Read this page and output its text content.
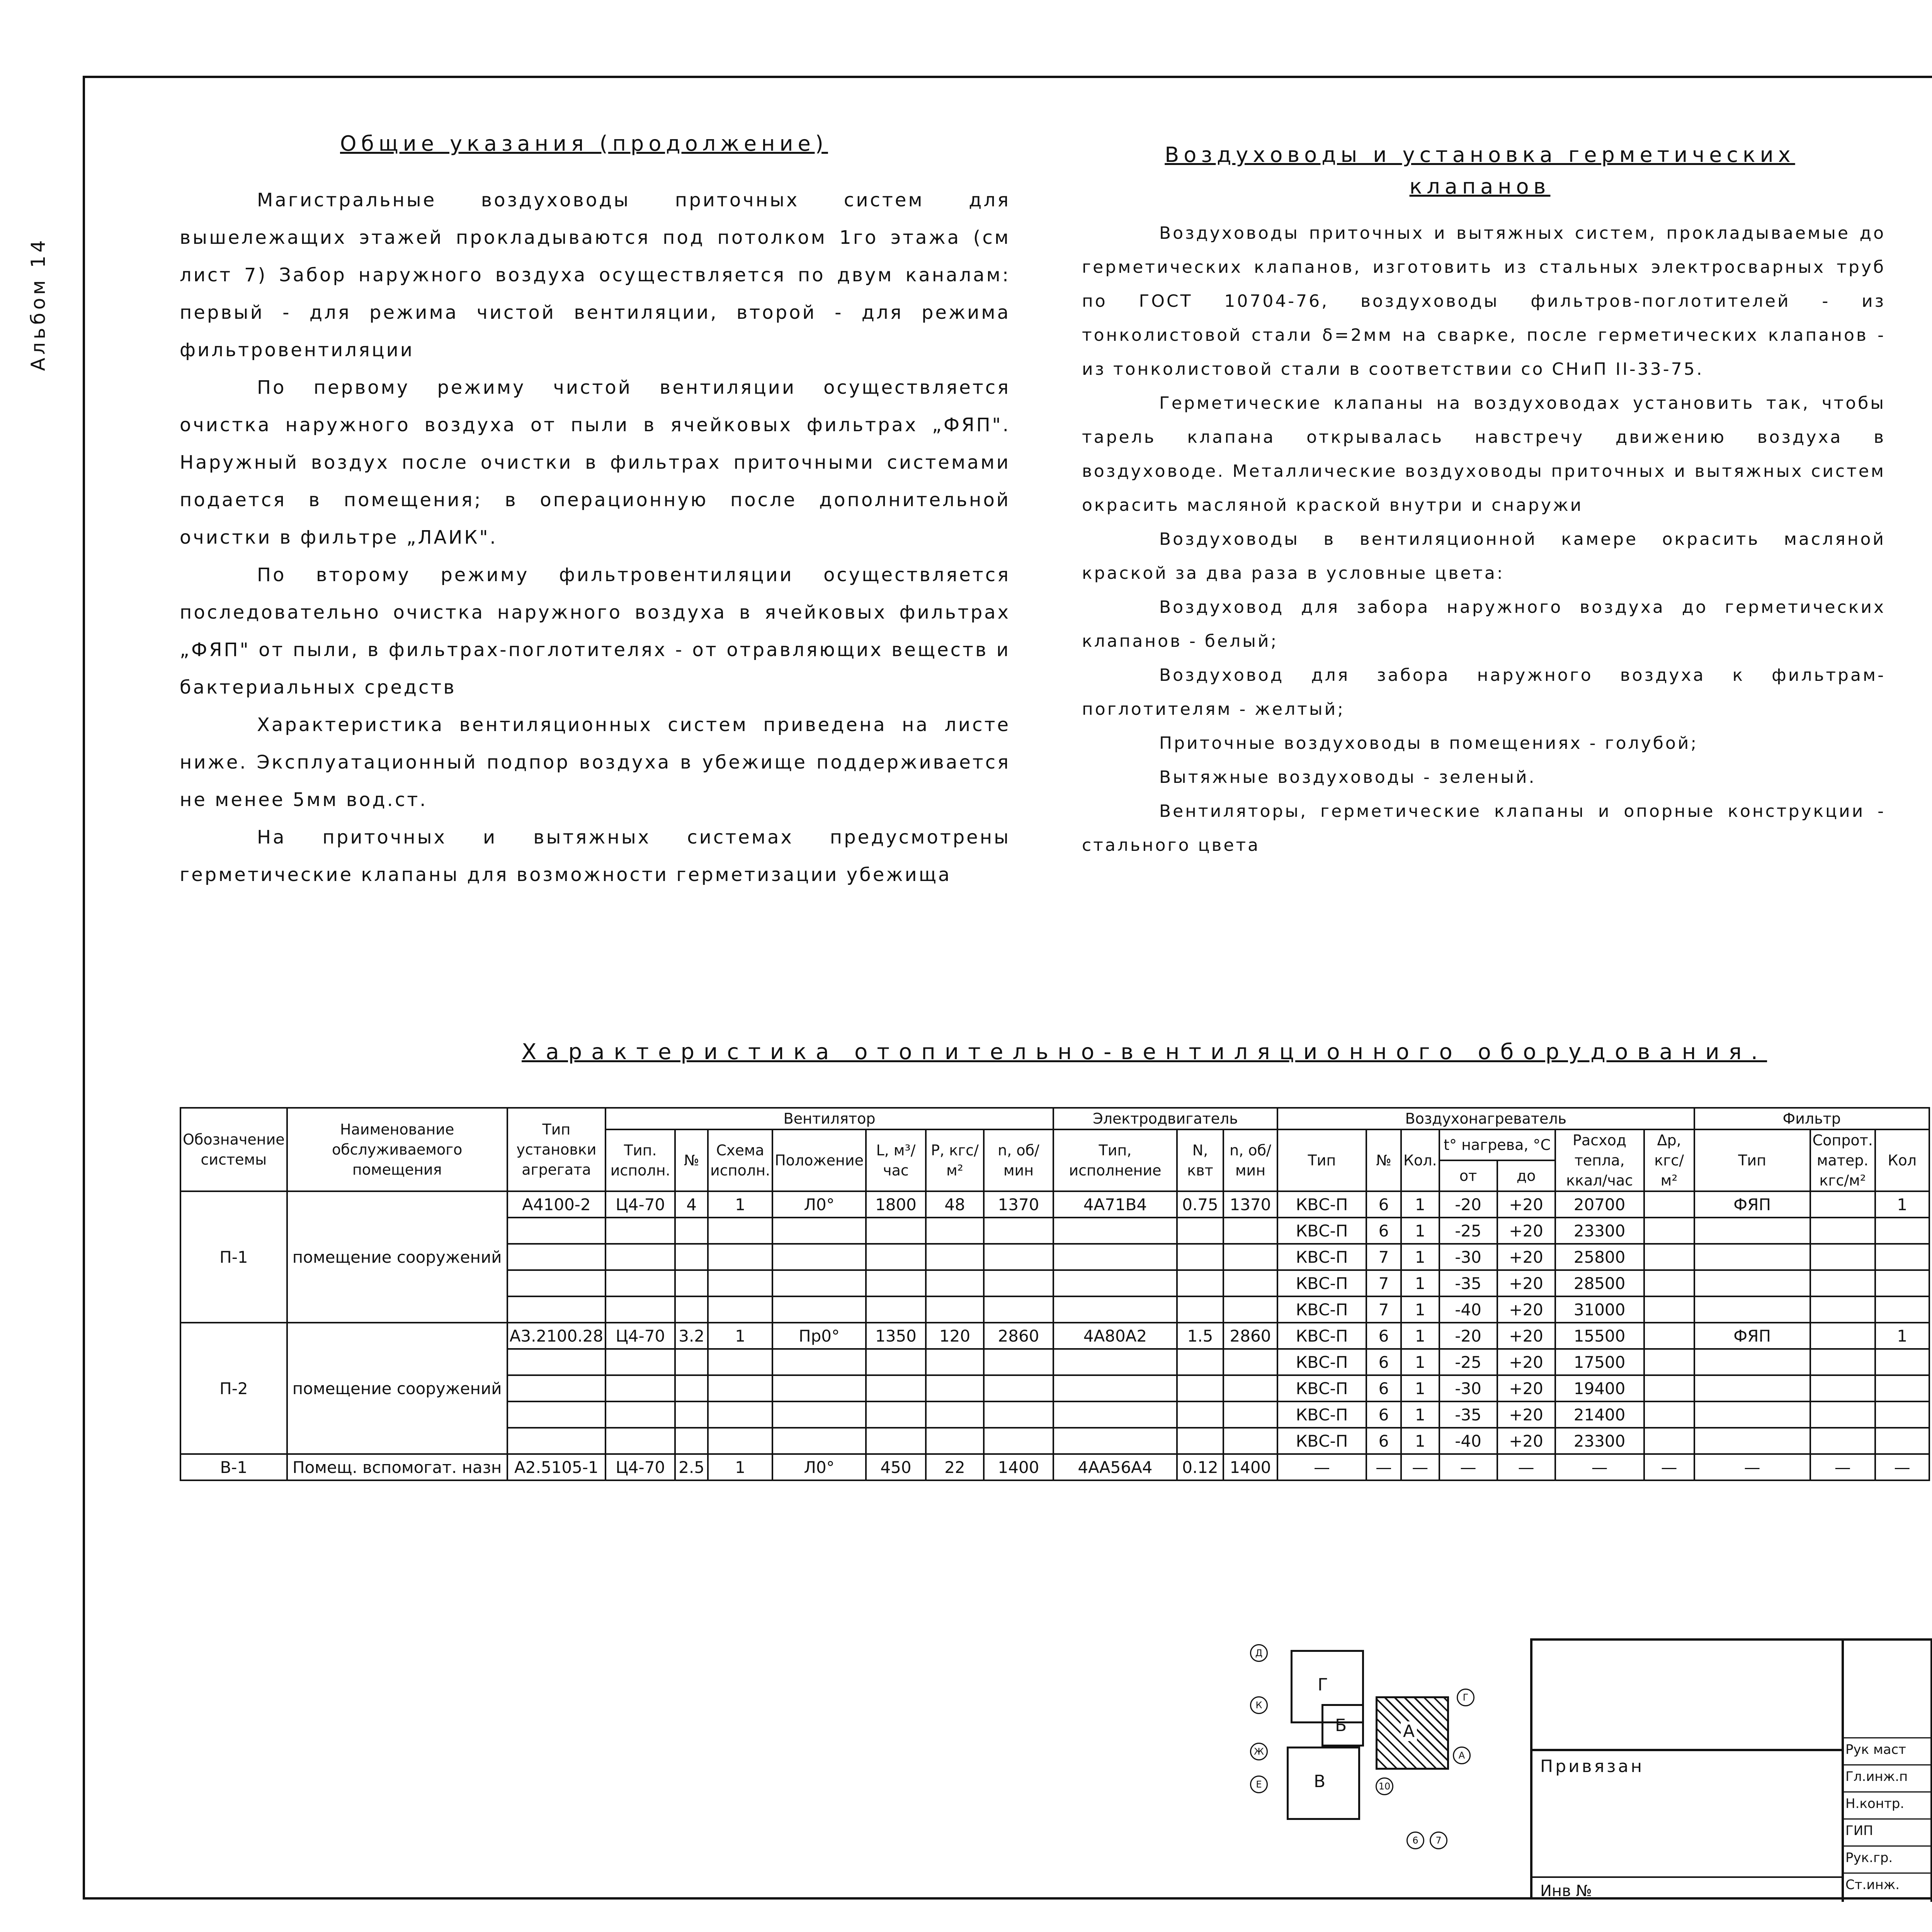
Альбом 14
Общие указания (продолжение)

Магистральные воздуховоды приточных систем для вышележащих этажей прокладываются под потолком 1го этажа (см лист 7) Забор наружного воздуха осуществляется по двум каналам: первый - для режима чистой вентиляции, второй - для режима фильтровентиляции

По первому режиму чистой вентиляции осуществляется очистка наружного воздуха от пыли в ячейковых фильтрах „ФЯП". Наружный воздух после очистки в фильтрах приточными системами подается в помещения; в операционную после дополнительной очистки в фильтре „ЛАИК".

По второму режиму фильтровентиляции осуществляется последовательно очистка наружного воздуха в ячейковых фильтрах „ФЯП" от пыли, в фильтрах-поглотителях - от отравляющих веществ и бактериальных средств

Характеристика вентиляционных систем приведена на листе ниже. Эксплуатационный подпор воздуха в убежище поддерживается не менее 5мм вод.ст.

На приточных и вытяжных системах предусмотрены герметические клапаны для возможности герметизации убежища

Воздуховоды и установка герметических клапанов

Воздуховоды приточных и вытяжных систем, прокладываемые до герметических клапанов, изготовить из стальных электросварных труб по ГОСТ 10704-76, воздуховоды фильтров-поглотителей - из тонколистовой стали δ=2мм на сварке, после герметических клапанов - из тонколистовой стали в соответствии со СНиП II-33-75.

Герметические клапаны на воздуховодах установить так, чтобы тарель клапана открывалась навстречу движению воздуха в воздуховоде. Металлические воздуховоды приточных и вытяжных систем окрасить масляной краской внутри и снаружи

Воздуховоды в вентиляционной камере окрасить масляной краской за два раза в условные цвета:

Воздуховод для забора наружного воздуха до герметических клапанов - белый;

Воздуховод для забора наружного воздуха к фильтрам-поглотителям - желтый;

Приточные воздуховоды в помещениях - голубой;

Вытяжные воздуховоды - зеленый.

Вентиляторы, герметические клапаны и опорные конструкции - стального цвета

Характеристика отопительно-вентиляционного оборудования.
Обозначение системы	Наименование обслуживаемого помещения	Тип установки агрегата	Вентилятор							Электродвигатель			Воздухонагреватель							Фильтр		
			Тип. исполн.	№	Схема исполн.	Положение	L, м³/час	P, кгс/м²	n, об/мин	Тип, исполнение	N, квт	n, об/мин	Тип	№	Кол.	t° нагрева, °С		Расход тепла, ккал/час	Δр, кгс/м²	Тип	Сопрот. матер. кгс/м²	Кол
																от	до					
П-1	помещение сооружений	А4100-2	Ц4-70	4	1	Л0°	1800	48	1370	4А71В4	0.75	1370	КВС-П	6	1	-20	+20	20700		ФЯП		1
													КВС-П	6	1	-25	+20	23300				
													КВС-П	7	1	-30	+20	25800				
													КВС-П	7	1	-35	+20	28500				
													КВС-П	7	1	-40	+20	31000				
П-2	помещение сооружений	А3.2100.28	Ц4-70	3.2	1	Пр0°	1350	120	2860	4А80А2	1.5	2860	КВС-П	6	1	-20	+20	15500		ФЯП		1
													КВС-П	6	1	-25	+20	17500				
													КВС-П	6	1	-30	+20	19400				
													КВС-П	6	1	-35	+20	21400				
													КВС-П	6	1	-40	+20	23300				
В-1	Помещ. вспомогат. назн	А2.5105-1	Ц4-70	2.5	1	Л0°	450	22	1400	4АА56А4	0.12	1400	—	—	—	—	—	—	—	—	—	—
Г
Б	А
В
Д
К
Ж
Е
Г
А
6	7
10
Привязан
Инв №
Рук маст
Гл.инж.п
Н.контр.
ГИП
Рук.гр.
Ст.инж.
